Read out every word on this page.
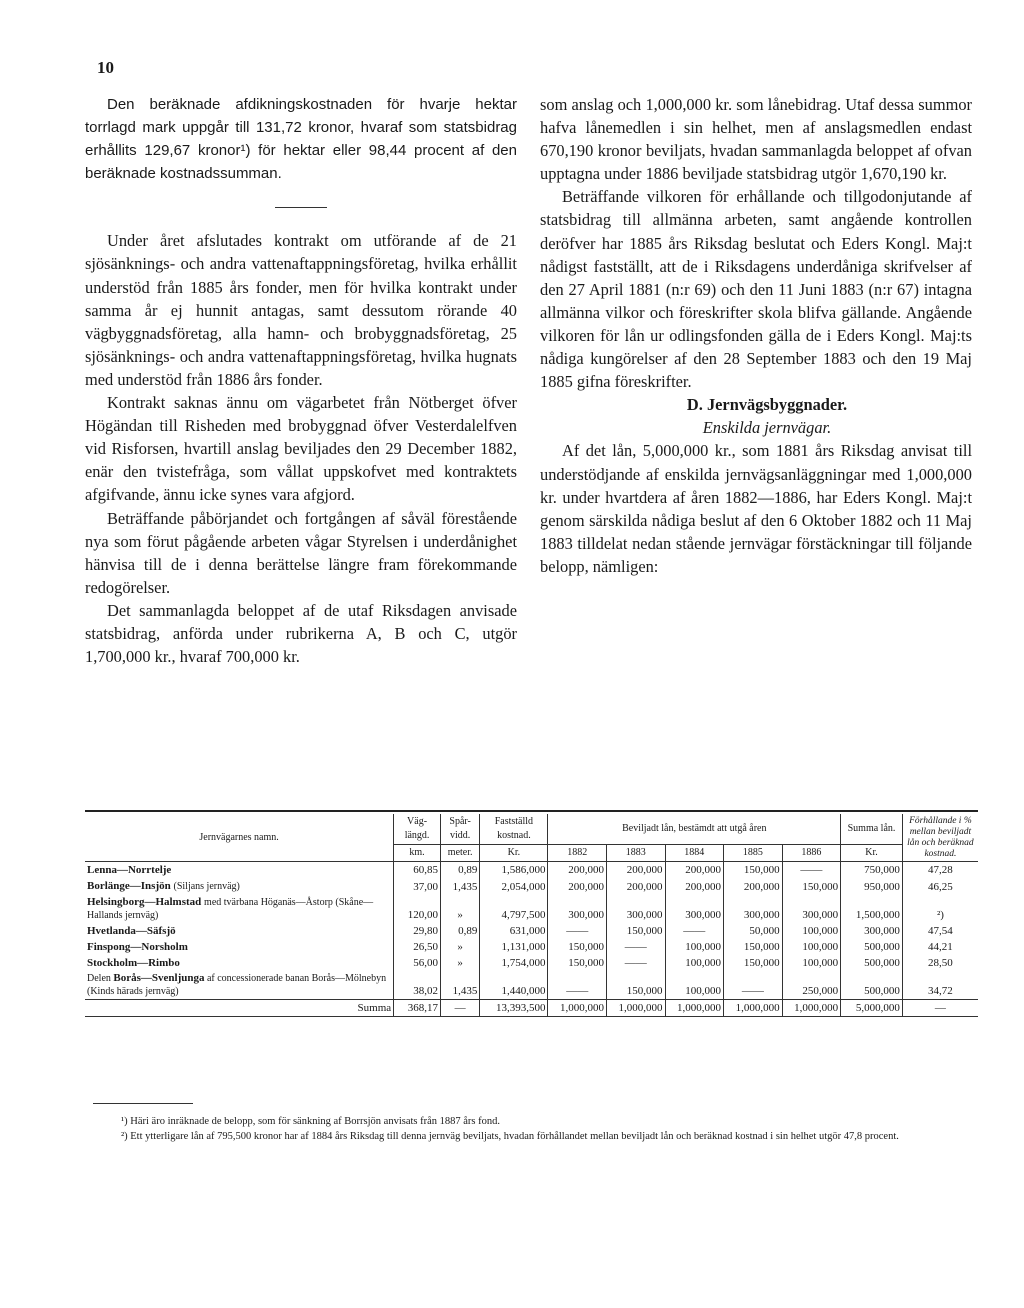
10

Den beräknade afdikningskostnaden för hvarje hektar torrlagd mark uppgår till 131,72 kronor, hvaraf som statsbidrag erhållits 129,67 kronor¹) för hektar eller 98,44 procent af den beräknade kostnadssumman.

Under året afslutades kontrakt om utförande af de 21 sjösänknings- och andra vattenaftappningsföretag, hvilka erhållit understöd från 1885 års fonder, men för hvilka kontrakt under samma år ej hunnit antagas, samt dessutom rörande 40 vägbyggnadsföretag, alla hamn- och brobyggnadsföretag, 25 sjösänknings- och andra vattenaftappningsföretag, hvilka hugnats med understöd från 1886 års fonder.

Kontrakt saknas ännu om vägarbetet från Nötberget öfver Högändan till Risheden med brobyggnad öfver Vesterdalelfven vid Risforsen, hvartill anslag beviljades den 29 December 1882, enär den tvistefråga, som vållat uppskofvet med kontraktets afgifvande, ännu icke synes vara afgjord.

Beträffande påbörjandet och fortgången af såväl förestående nya som förut pågående arbeten vågar Styrelsen i underdånighet hänvisa till de i denna berättelse längre fram förekommande redogörelser.

Det sammanlagda beloppet af de utaf Riksdagen anvisade statsbidrag, anförda under rubrikerna A, B och C, utgör 1,700,000 kr., hvaraf 700,000 kr.

som anslag och 1,000,000 kr. som lånebidrag. Utaf dessa summor hafva lånemedlen i sin helhet, men af anslagsmedlen endast 670,190 kronor beviljats, hvadan sammanlagda beloppet af ofvan upptagna under 1886 beviljade statsbidrag utgör 1,670,190 kr.

Beträffande vilkoren för erhållande och tillgodonjutande af statsbidrag till allmänna arbeten, samt angående kontrollen deröfver har 1885 års Riksdag beslutat och Eders Kongl. Maj:t nådigst fastställt, att de i Riksdagens underdåniga skrifvelser af den 27 April 1881 (n:r 69) och den 11 Juni 1883 (n:r 67) intagna allmänna vilkor och föreskrifter skola blifva gällande. Angående vilkoren för lån ur odlingsfonden gälla de i Eders Kongl. Maj:ts nådiga kungörelser af den 28 September 1883 och den 19 Maj 1885 gifna föreskrifter.

D. Jernvägsbyggnader.

Enskilda jernvägar.

Af det lån, 5,000,000 kr., som 1881 års Riksdag anvisat till understödjande af enskilda jernvägsanläggningar med 1,000,000 kr. under hvartdera af åren 1882—1886, har Eders Kongl. Maj:t genom särskilda nådiga beslut af den 6 Oktober 1882 och 11 Maj 1883 tilldelat nedan stående jernvägar förstäckningar till följande belopp, nämligen:

Jernvägarnes namn.	Väg-längd.	Spår-vidd.	Fastställd kostnad.	Beviljadt lån, bestämdt att utgå åren					Summa lån.	Förhållande i % mellan beviljadt lån och beräknad kostnad.
	km.	meter.	Kr.	1882	1883	1884	1885	1886	Kr.	
Lenna—Norrtelje	60,85	0,89	1,586,000	200,000	200,000	200,000	150,000	——	750,000	47,28
Borlänge—Insjön (Siljans jernväg)	37,00	1,435	2,054,000	200,000	200,000	200,000	200,000	150,000	950,000	46,25
Helsingborg—Halmstad med tvärbana Höganäs—Åstorp (Skåne—Hallands jernväg)	120,00	»	4,797,500	300,000	300,000	300,000	300,000	300,000	1,500,000	²)
Hvetlanda—Säfsjö	29,80	0,89	631,000	——	150,000	——	50,000	100,000	300,000	47,54
Finspong—Norsholm	26,50	»	1,131,000	150,000	——	100,000	150,000	100,000	500,000	44,21
Stockholm—Rimbo	56,00	»	1,754,000	150,000	——	100,000	150,000	100,000	500,000	28,50
Delen Borås—Svenljunga af concessionerade banan Borås—Mölnebyn (Kinds härads jernväg)	38,02	1,435	1,440,000	——	150,000	100,000	——	250,000	500,000	34,72
Summa	368,17	—	13,393,500	1,000,000	1,000,000	1,000,000	1,000,000	1,000,000	5,000,000	—

¹) Häri äro inräknade de belopp, som för sänkning af Borrsjön anvisats från 1887 års fond.

²) Ett ytterligare lån af 795,500 kronor har af 1884 års Riksdag till denna jernväg beviljats, hvadan förhållandet mellan beviljadt lån och beräknad kostnad i sin helhet utgör 47,8 procent.
